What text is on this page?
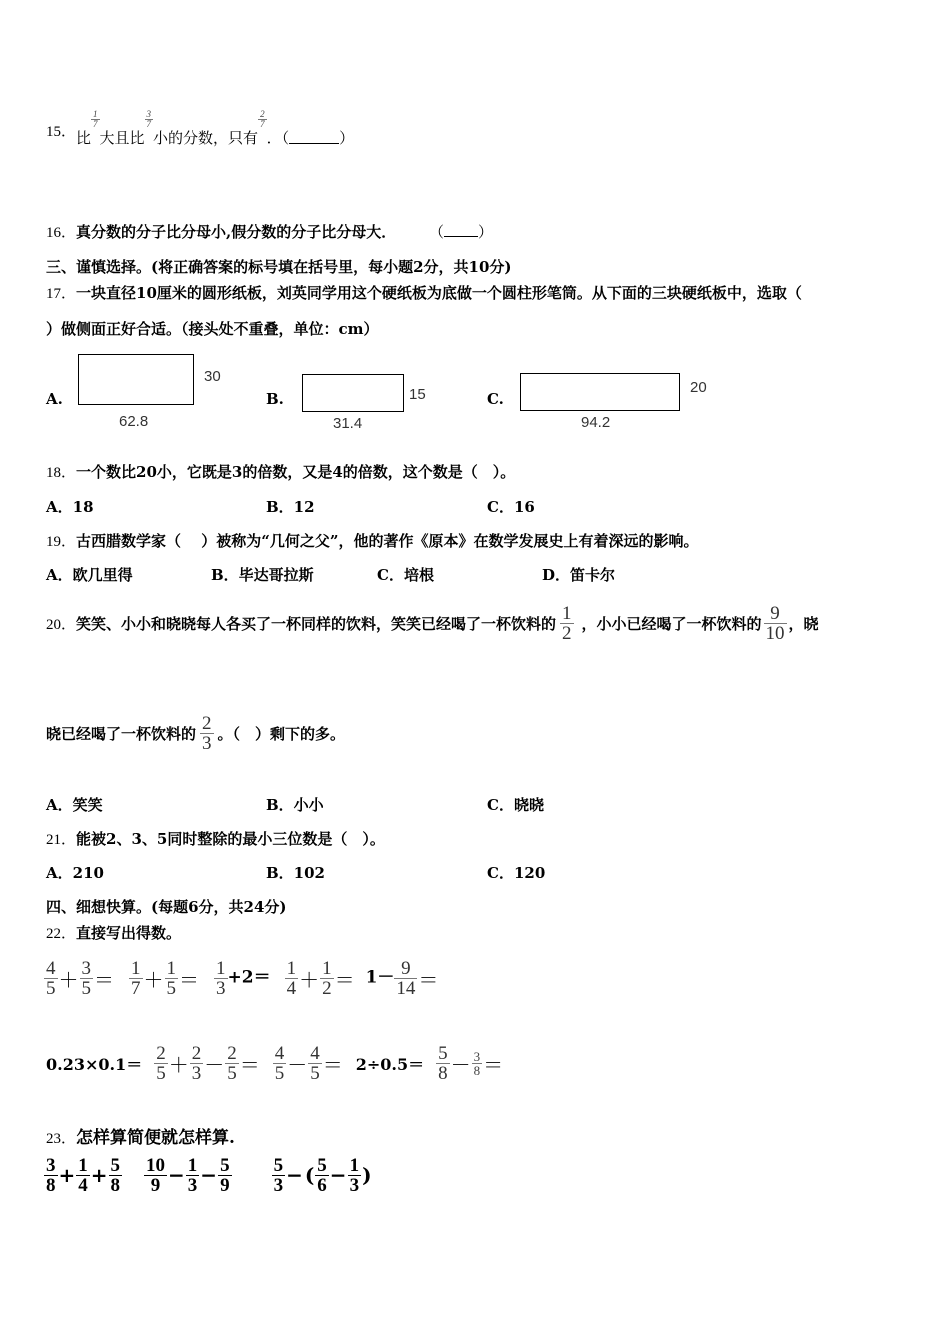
15． 比
1
7
大且比
3
7
小的分数，只有
2
7
．（	）
16．真分数的分子比分母小,假分数的分子比分母大． （ ）
三、谨慎选择。(将正确答案的标号填在括号里，每小题2分，共10分)
17．一块直径10厘米的圆形纸板，刘英同学用这个硬纸板为底做一个圆柱形笔筒。从下面的三块硬纸板中，选取（
）做侧面正好合适。（接头处不重叠，单位：cm）
A.
62.8
30
B.
31.4
15	C.
94.2
20
18．一个数比20小，它既是3的倍数，又是4的倍数，这个数是（　）。
A．18	B．12	C．16
19．古西腊数学家（　 ）被称为“几何之父”，他的著作《原本》在数学发展史上有着深远的影响。
A．欧几里得	B．毕达哥拉斯	C．培根	D．笛卡尔
20． 笑笑、小小和晓晓每人各买了一杯同样的饮料，笑笑已经喝了一杯饮料的 1
2 ，小小已经喝了一杯饮料的 9
10 ，晓
晓已经喝了一杯饮料的 2
3 。（　）剩下的多。
A．笑笑	B．小小	C．晓晓
21．能被2、3、5同时整除的最小三位数是（　）。
A．210	B．102	C．120
四、细想快算。(每题6分，共24分)
22．直接写出得数。
$\frac{4}{5} + \frac{3}{5} = \frac{1}{7} + \frac{1}{5} = \frac{1}{3} +2= \frac{1}{4} + \frac{1}{2} = 1- \frac{9}{14}$ ＝
$0.23\times 0.1= \frac{2}{5} + \frac{2}{3} - \frac{2}{5} = \frac{4}{5} - \frac{4}{5} = 2\div 0.5= \frac{5}{8} - \frac{3}{8}$ ＝
23．怎样算简便就怎样算.
$\frac{3}{8} + \frac{1}{4} + \frac{5}{8} \frac{10}{9} - \frac{1}{3} - \frac{5}{9} \frac{5}{3}$ − ( $\frac{5}{6} - \frac{1}{3}$ )
